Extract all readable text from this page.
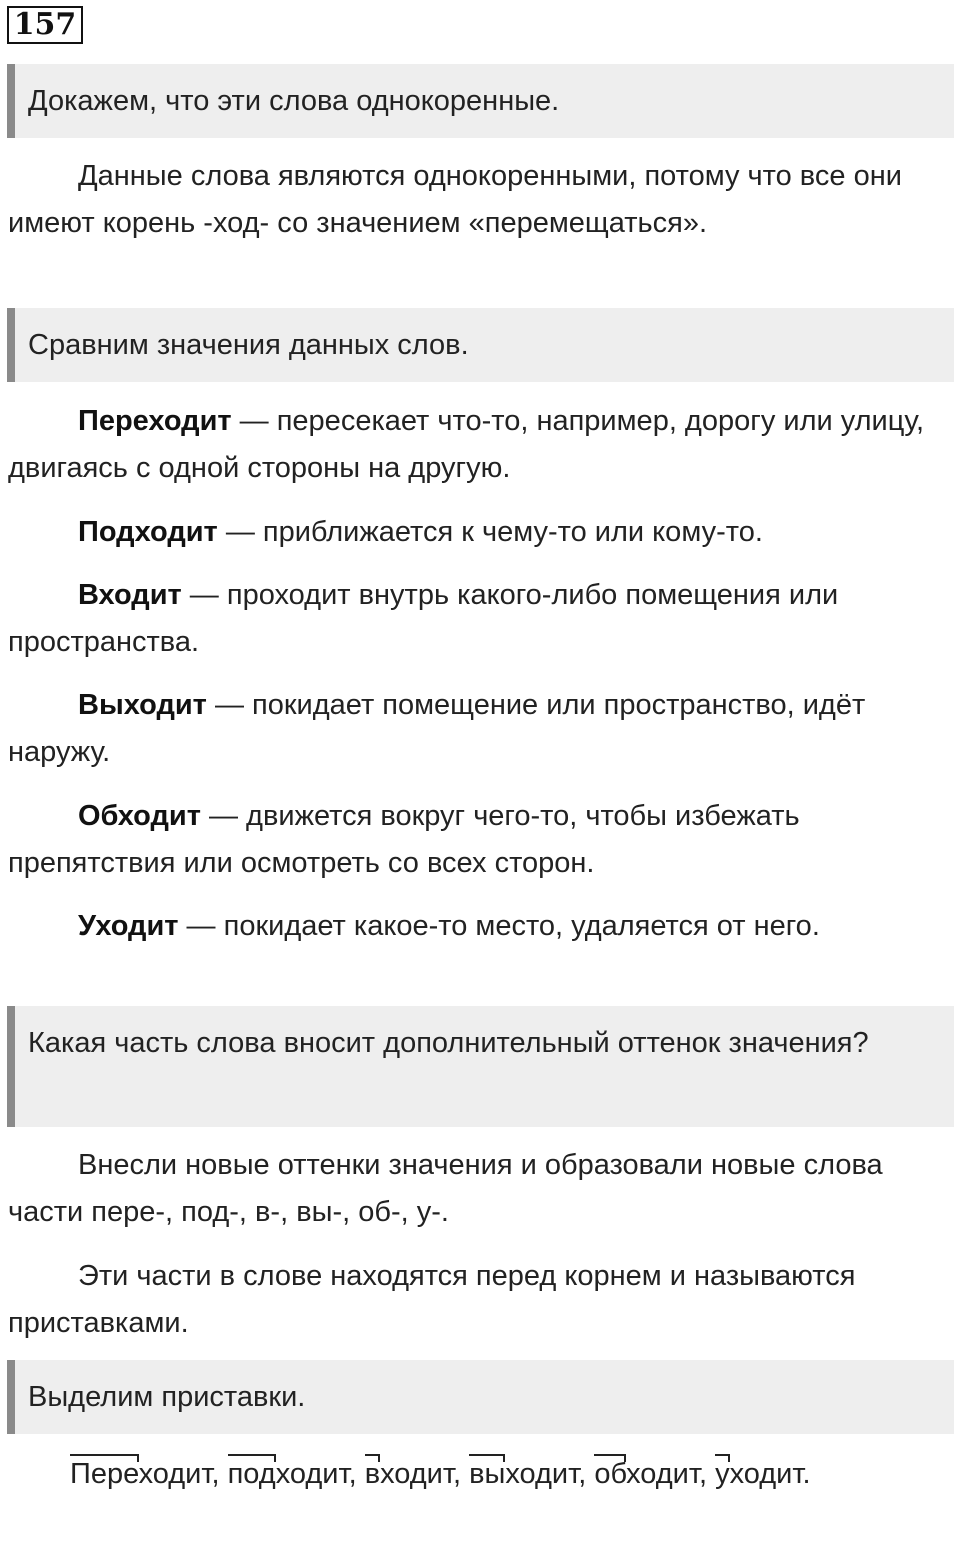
157
Докажем, что эти слова однокоренные.
Данные слова являются однокоренными, потому что все они имеют корень -ход- со значением «перемещаться».
Сравним значения данных слов.
Переходит — пересекает что-то, например, дорогу или улицу, двигаясь с одной стороны на другую.
Подходит — приближается к чему-то или кому-то.
Входит — проходит внутрь какого-либо помещения или пространства.
Выходит — покидает помещение или пространство, идёт наружу.
Обходит — движется вокруг чего-то, чтобы избежать препятствия или осмотреть со всех сторон.
Уходит — покидает какое-то место, удаляется от него.
Какая часть слова вносит дополнительный оттенок значения?
Внесли новые оттенки значения и образовали новые слова части пере-, под-, в-, вы-, об-, у-.
Эти части в слове находятся перед корнем и называются приставками.
Выделим приставки.
Переходит,
подходит,
входит,
выходит,
обходит,
уходит.
